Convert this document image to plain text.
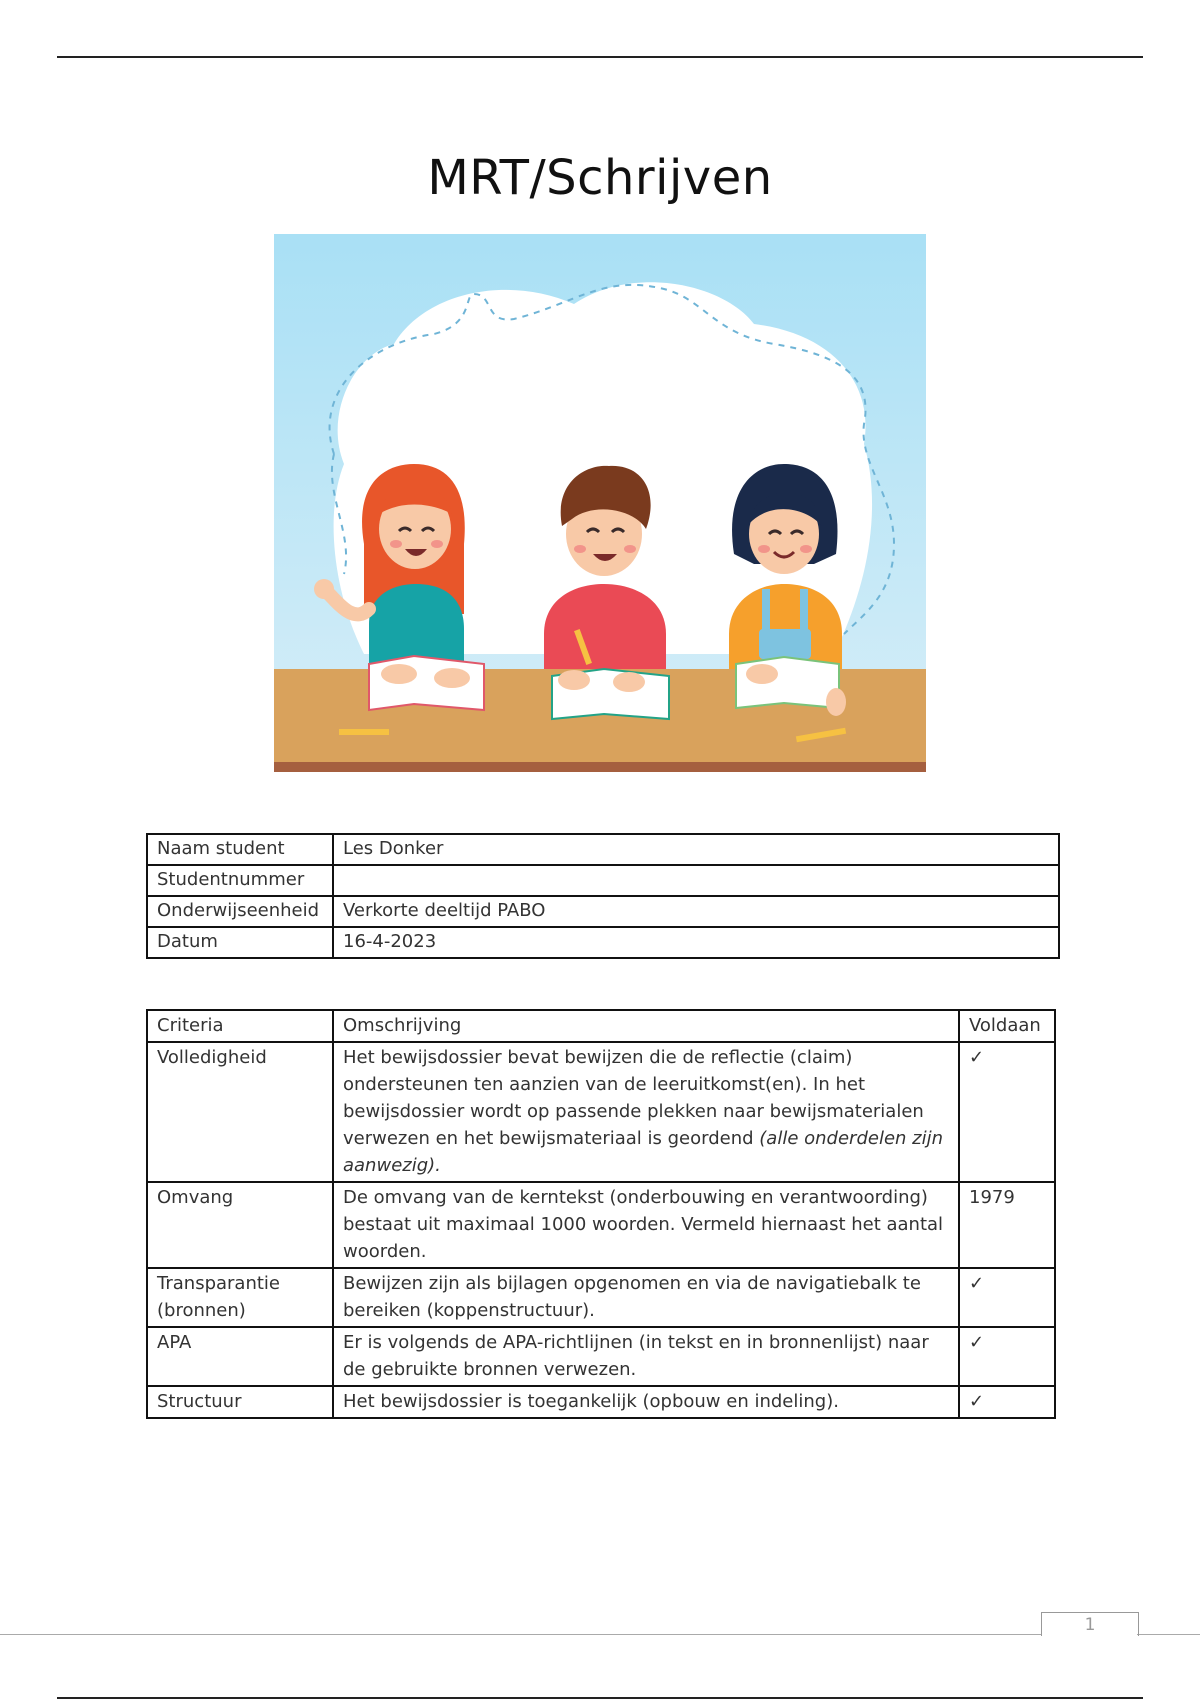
MRT/Schrijven
Naam student	Les Donker
Studentnummer	
Onderwijseenheid	Verkorte deeltijd PABO
Datum	16-4-2023
Criteria	Omschrijving	Voldaan
Volledigheid	Het bewijsdossier bevat bewijzen die de reflectie (claim) ondersteunen ten aanzien van de leeruitkomst(en). In het bewijsdossier wordt op passende plekken naar bewijsmaterialen verwezen en het bewijsmateriaal is geordend (alle onderdelen zijn aanwezig).	✓
Omvang	De omvang van de kerntekst (onderbouwing en verantwoording) bestaat uit maximaal 1000 woorden. Vermeld hiernaast het aantal woorden.	1979
Transparantie (bronnen)	Bewijzen zijn als bijlagen opgenomen en via de navigatiebalk te bereiken (koppenstructuur).	✓
APA	Er is volgends de APA-richtlijnen (in tekst en in bronnenlijst) naar de gebruikte bronnen verwezen.	✓
Structuur	Het bewijsdossier is toegankelijk (opbouw en indeling).	✓
1
